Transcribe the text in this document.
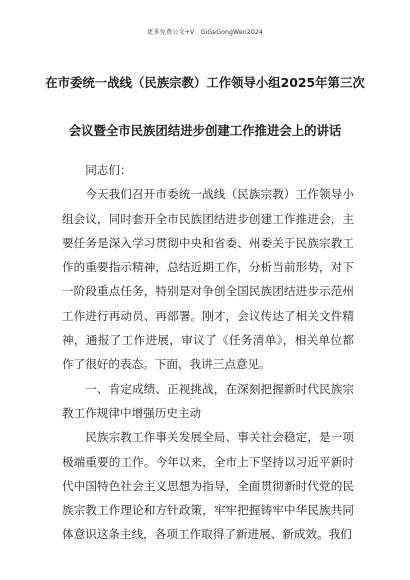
更多免费公文+V：GiGeGongWen2024
在市委统一战线（民族宗教）工作领导小组2025年第三次
会议暨全市民族团结进步创建工作推进会上的讲话

同志们：

今天我们召开市委统一战线（民族宗教）工作领导小组会议，同时套开全市民族团结进步创建工作推进会，主要任务是深入学习贯彻中央和省委、州委关于民族宗教工作的重要指示精神，总结近期工作，分析当前形势，对下一阶段重点任务，特别是对争创全国民族团结进步示范州工作进行再动员、再部署。刚才，会议传达了相关文件精神，通报了工作进展，审议了《任务清单》，相关单位都作了很好的表态。下面，我讲三点意见。

一、肯定成绩、正视挑战，在深刻把握新时代民族宗教工作规律中增强历史主动

民族宗教工作事关发展全局、事关社会稳定，是一项极端重要的工作。今年以来，全市上下坚持以习近平新时代中国特色社会主义思想为指导，全面贯彻新时代党的民族宗教工作理论和方针政策，牢牢把握铸牢中华民族共同体意识这条主线，各项工作取得了新进展、新成效。我们
